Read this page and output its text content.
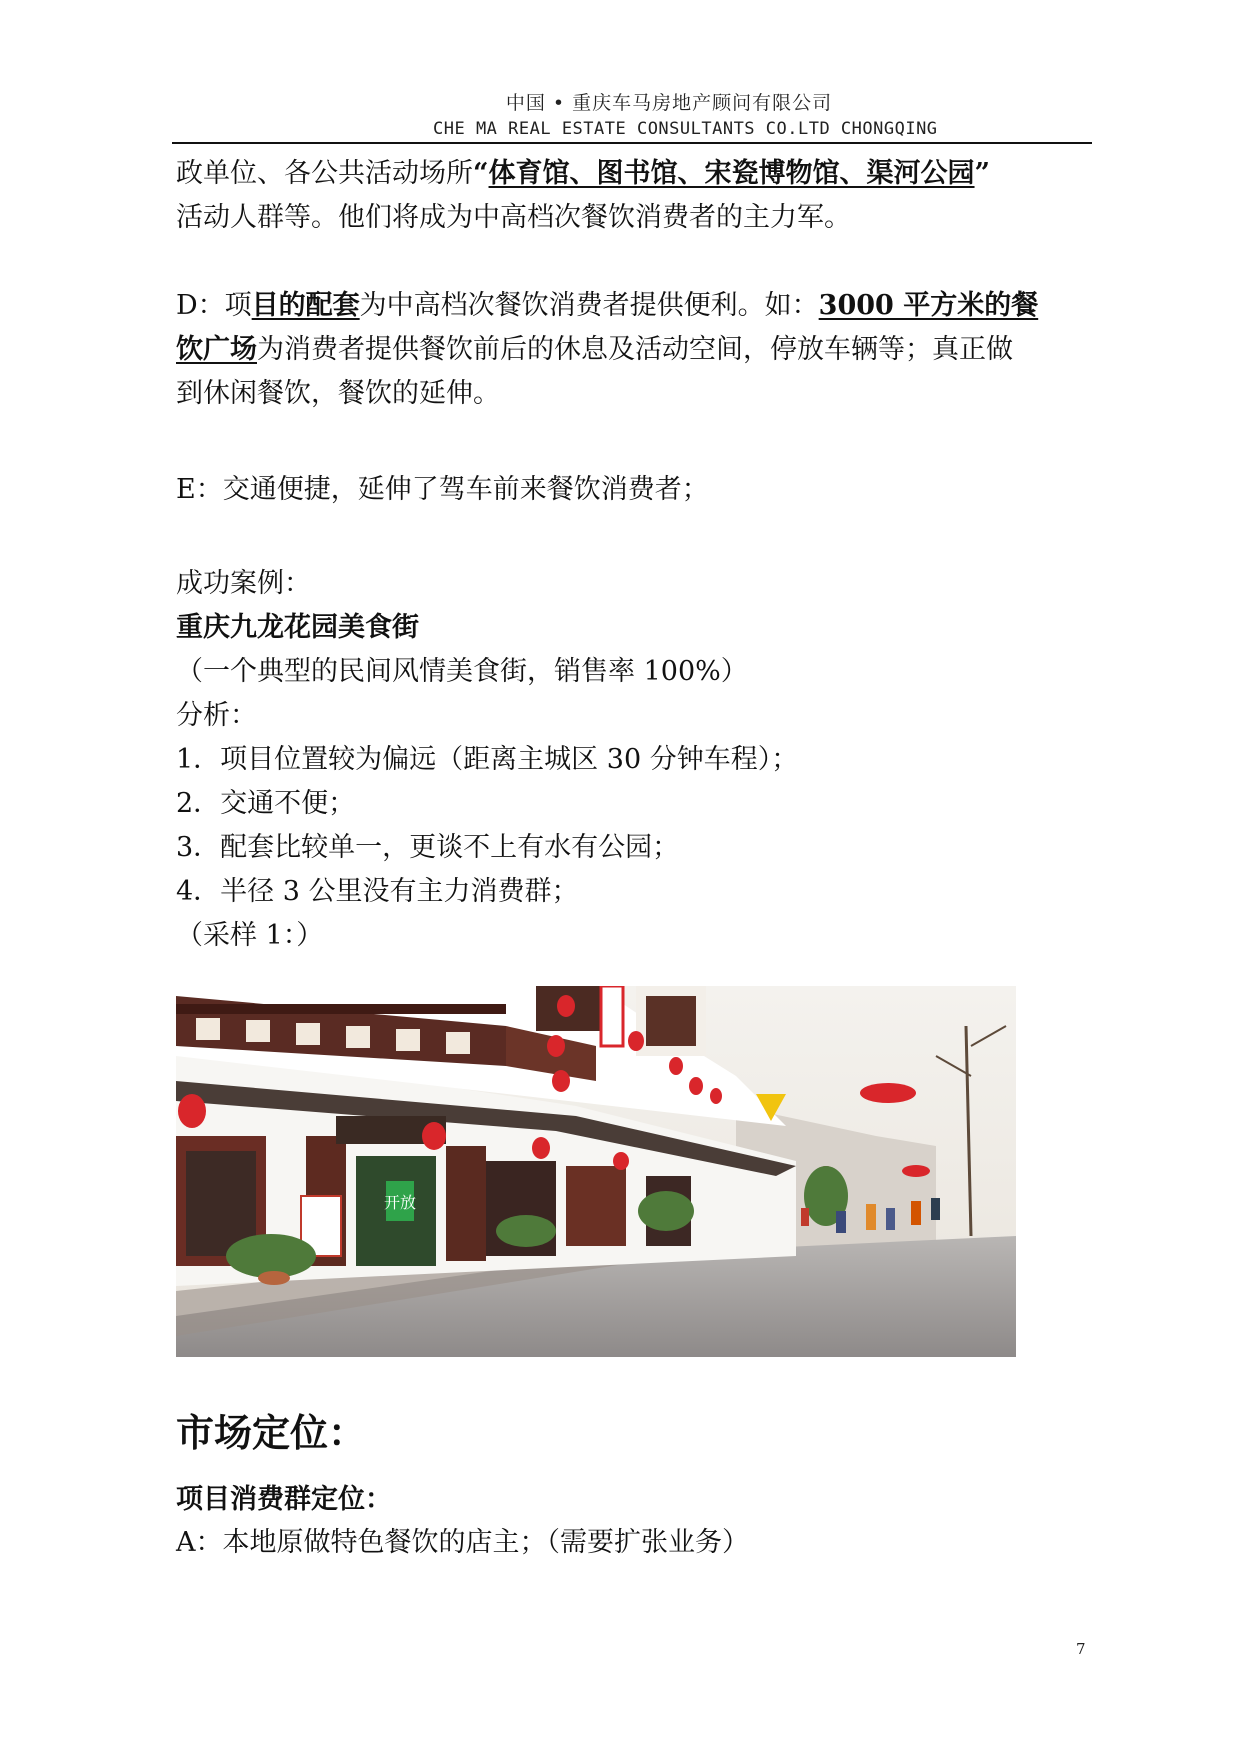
中国 • 重庆车马房地产顾问有限公司
CHE MA REAL ESTATE CONSULTANTS CO.LTD CHONGQING
政单位、各公共活动场所“体育馆、图书馆、宋瓷博物馆、渠河公园”
活动人群等。他们将成为中高档次餐饮消费者的主力军。
D：项目的配套为中高档次餐饮消费者提供便利。如：3000 平方米的餐
饮广场为消费者提供餐饮前后的休息及活动空间，停放车辆等；真正做
到休闲餐饮，餐饮的延伸。
E：交通便捷，延伸了驾车前来餐饮消费者；
成功案例：
重庆九龙花园美食街
（一个典型的民间风情美食街，销售率 100%）
分析：
1．项目位置较为偏远（距离主城区 30 分钟车程）；
2．交通不便；
3．配套比较单一，更谈不上有水有公园；
4．半径 3 公里没有主力消费群；
（采样 1：）
开放
市场定位：
项目消费群定位：
A：本地原做特色餐饮的店主；（需要扩张业务）
7
